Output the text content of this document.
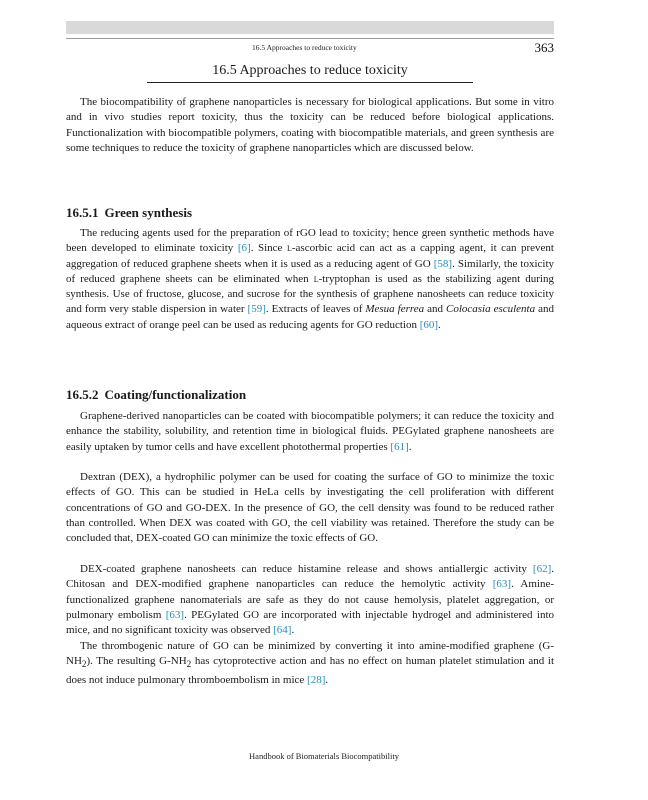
16.5 Approaches to reduce toxicity	363
16.5 Approaches to reduce toxicity

The biocompatibility of graphene nanoparticles is necessary for biological applications. But some in vitro and in vivo studies report toxicity, thus the toxicity can be reduced before biological applications. Functionalization with biocompatible polymers, coating with biocompatible materials, and green synthesis are some techniques to reduce the toxicity of graphene nanoparticles which are discussed below.

16.5.1 Green synthesis

The reducing agents used for the preparation of rGO lead to toxicity; hence green synthetic methods have been developed to eliminate toxicity [6]. Since l-ascorbic acid can act as a capping agent, it can prevent aggregation of reduced graphene sheets when it is used as a reducing agent of GO [58]. Similarly, the toxicity of reduced graphene sheets can be eliminated when l-tryptophan is used as the stabilizing agent during synthesis. Use of fructose, glucose, and sucrose for the synthesis of graphene nanosheets can reduce toxicity and form very stable dispersion in water [59]. Extracts of leaves of Mesua ferrea and Colocasia esculenta and aqueous extract of orange peel can be used as reducing agents for GO reduction [60].

16.5.2 Coating/functionalization

Graphene-derived nanoparticles can be coated with biocompatible polymers; it can reduce the toxicity and enhance the stability, solubility, and retention time in biological fluids. PEGylated graphene nanosheets are easily uptaken by tumor cells and have excellent photothermal properties [61].

Dextran (DEX), a hydrophilic polymer can be used for coating the surface of GO to minimize the toxic effects of GO. This can be studied in HeLa cells by investigating the cell proliferation with different concentrations of GO and GO-DEX. In the presence of GO, the cell density was found to be reduced rather than controlled. When DEX was coated with GO, the cell viability was retained. Therefore the study can be concluded that, DEX-coated GO can minimize the toxic effects of GO.

DEX-coated graphene nanosheets can reduce histamine release and shows antiallergic activity [62]. Chitosan and DEX-modified graphene nanoparticles can reduce the hemolytic activity [63]. Amine-functionalized graphene nanomaterials are safe as they do not cause hemolysis, platelet aggregation, or pulmonary embolism [63]. PEGylated GO are incorporated with injectable hydrogel and administered into mice, and no significant toxicity was observed [64].

The thrombogenic nature of GO can be minimized by converting it into amine-modified graphene $(G-NH_2)$. The resulting $G-NH_2$ has cytoprotective action and has no effect on human platelet stimulation and it does not induce pulmonary thromboembolism in mice [28].

Handbook of Biomaterials Biocompatibility
